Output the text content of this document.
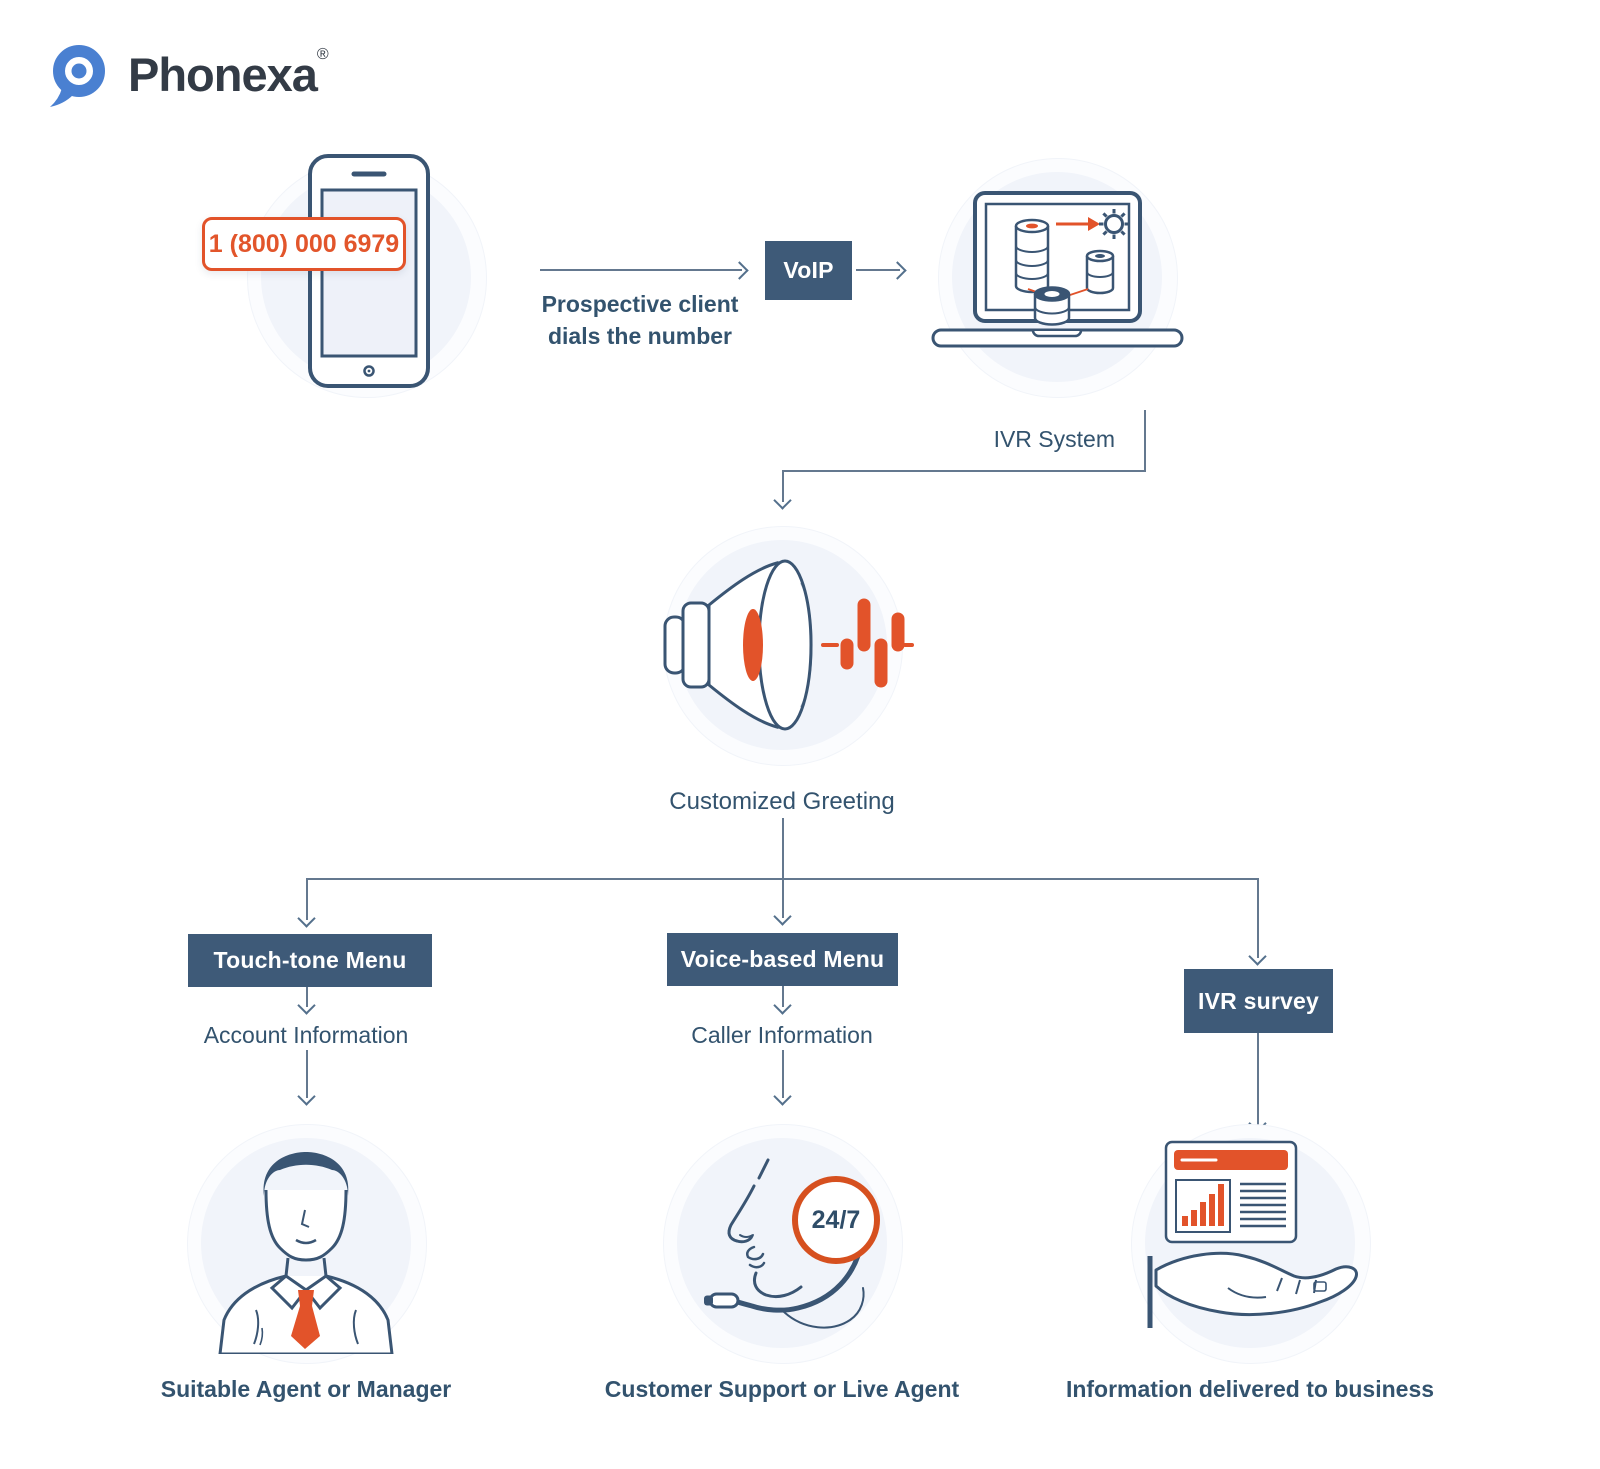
Phonexa®
1 (800) 000 6979
Prospective client
dials the number
VoIP
IVR System
Customized Greeting
Touch-tone Menu	Voice-based Menu
IVR survey
Account Information	Caller Information
24/7
Suitable Agent or Manager	Customer Support or Live Agent	Information delivered to business
